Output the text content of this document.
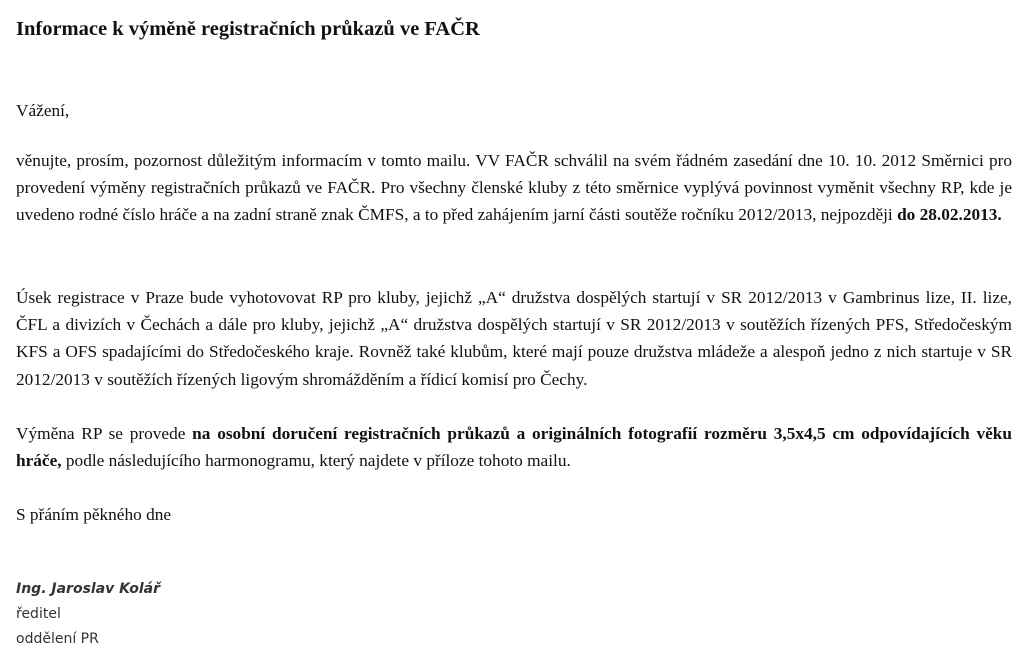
Informace k výměně registračních průkazů ve FAČR
Vážení,
věnujte, prosím, pozornost důležitým informacím v tomto mailu. VV FAČR schválil na svém řádném zasedání dne 10. 10. 2012 Směrnici pro provedení výměny registračních průkazů ve FAČR. Pro všechny členské kluby z této směrnice vyplývá povinnost vyměnit všechny RP, kde je uvedeno rodné číslo hráče a na zadní straně znak ČMFS, a to před zahájením jarní části soutěže ročníku 2012/2013, nejpozději do 28.02.2013.
Úsek registrace v Praze bude vyhotovovat RP pro kluby, jejichž „A“ družstva dospělých startují v SR 2012/2013 v Gambrinus lize, II. lize, ČFL a divizích v Čechách a dále pro kluby, jejichž „A“ družstva dospělých startují v SR 2012/2013 v soutěžích řízených PFS, Středočeským KFS a OFS spadajícími do Středočeského kraje. Rovněž také klubům, které mají pouze družstva mládeže a alespoň jedno z nich startuje v SR 2012/2013 v soutěžích řízených ligovým shromážděním a řídicí komisí pro Čechy.
Výměna RP se provede na osobní doručení registračních průkazů a originálních fotografií rozměru 3,5x4,5 cm odpovídajících věku hráče, podle následujícího harmonogramu, který najdete v příloze tohoto mailu.
S přáním pěkného dne
Ing. Jaroslav Kolář
ředitel
oddělení PR
